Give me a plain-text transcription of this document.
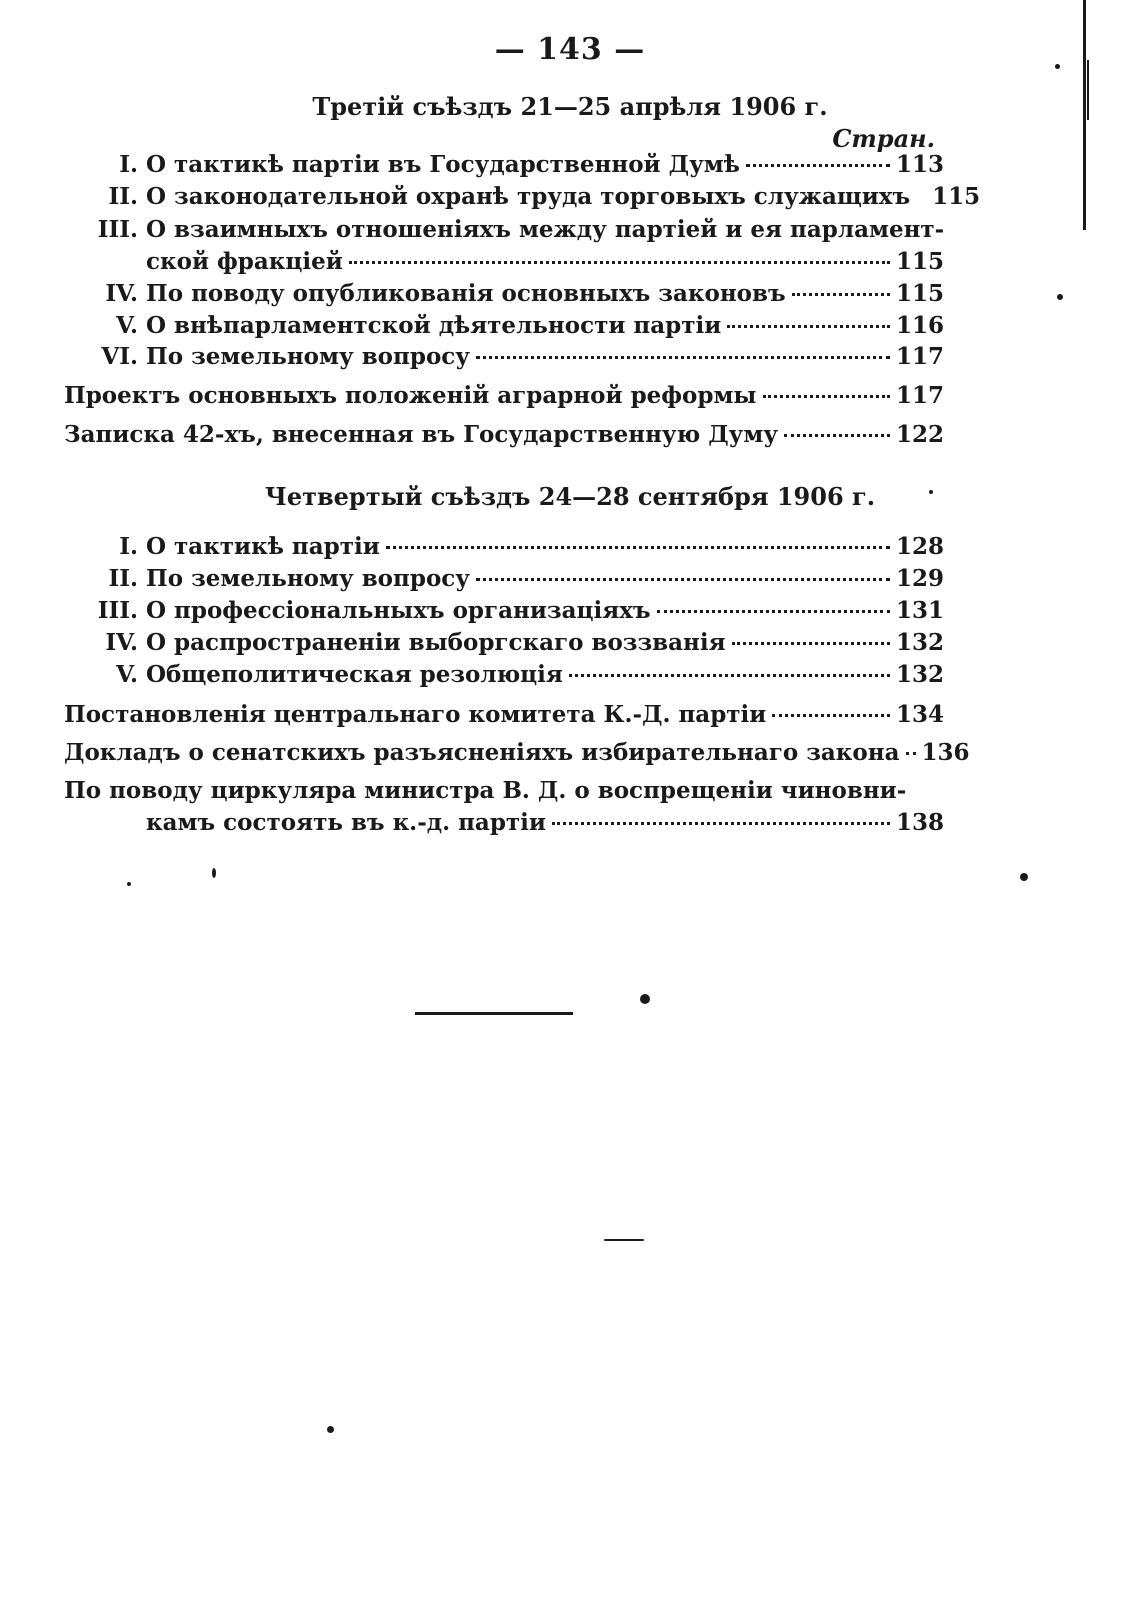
— 143 —
Третій съѣздъ 21—25 апрѣля 1906 г.
Стран.
I. О тактикѣ партіи въ Государственной Думѣ	113
II. О законодательной охранѣ труда торговыхъ служащихъ 115
III. О взаимныхъ отношеніяхъ между партіей и ея парламент-
ской фракціей	115
IV. По поводу опубликованія основныхъ законовъ	115
V. О внѣпарламентской дѣятельности партіи	116
VI. По земельному вопросу	117
Проектъ основныхъ положеній аграрной реформы	117
Записка 42-хъ, внесенная въ Государственную Думу	122
Четвертый съѣздъ 24—28 сентября 1906 г.
I. О тактикѣ партіи	128
II. По земельному вопросу	129
III. О профессіональныхъ организаціяхъ	131
IV. О распространеніи выборгскаго воззванія	132
V. Общеполитическая резолюція	132
Постановленія центральнаго комитета К.-Д. партіи	134
Докладъ о сенатскихъ разъясненіяхъ избирательнаго закона 136
По поводу циркуляра министра В. Д. о воспрещеніи чиновни-
камъ состоять въ к.-д. партіи	138
